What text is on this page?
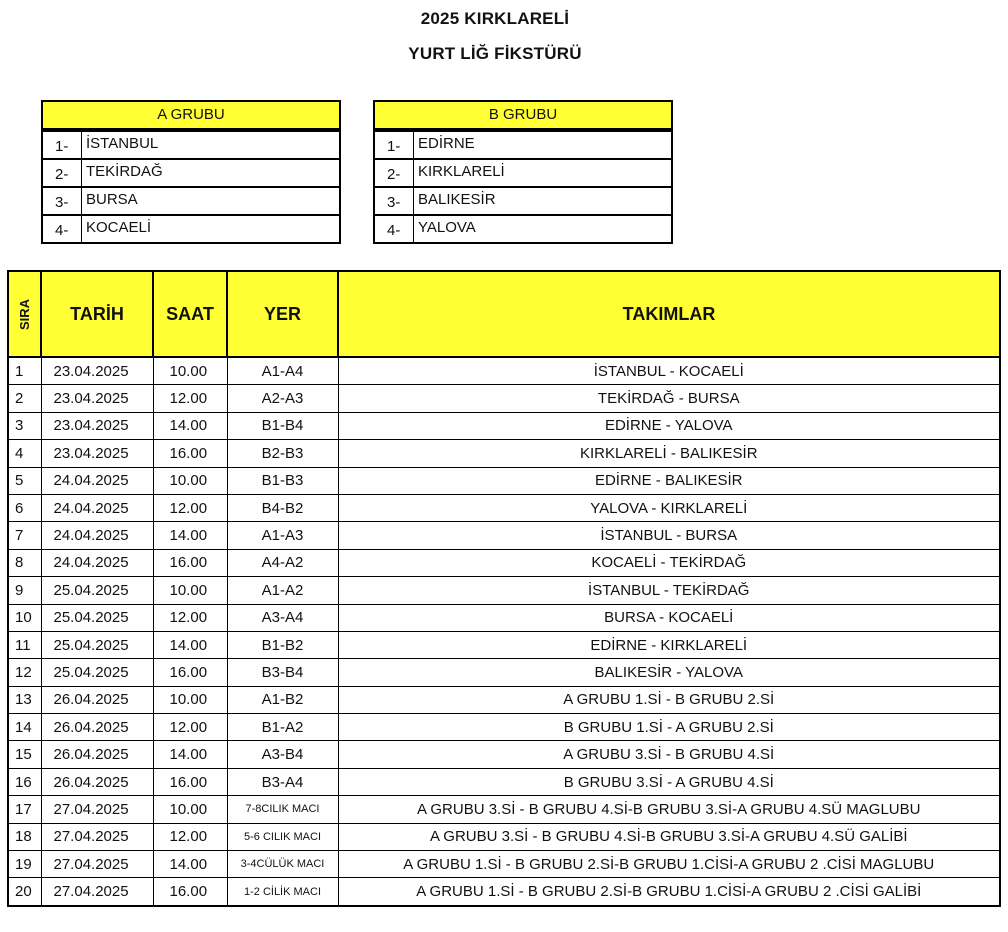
2025 KIRKLARELİ
YURT LİĞ FİKSTÜRÜ
A GRUBU
1-	İSTANBUL
2-	TEKİRDAĞ
3-	BURSA
4-	KOCAELİ
B GRUBU
1-	EDİRNE
2-	KIRKLARELİ
3-	BALIKESİR
4-	YALOVA
SIRA	TARİH	SAAT	YER	TAKIMLAR
1	23.04.2025	10.00	A1-A4	İSTANBUL - KOCAELİ
2	23.04.2025	12.00	A2-A3	TEKİRDAĞ - BURSA
3	23.04.2025	14.00	B1-B4	EDİRNE - YALOVA
4	23.04.2025	16.00	B2-B3	KIRKLARELİ - BALIKESİR
5	24.04.2025	10.00	B1-B3	EDİRNE - BALIKESİR
6	24.04.2025	12.00	B4-B2	YALOVA - KIRKLARELİ
7	24.04.2025	14.00	A1-A3	İSTANBUL - BURSA
8	24.04.2025	16.00	A4-A2	KOCAELİ - TEKİRDAĞ
9	25.04.2025	10.00	A1-A2	İSTANBUL - TEKİRDAĞ
10	25.04.2025	12.00	A3-A4	BURSA - KOCAELİ
11	25.04.2025	14.00	B1-B2	EDİRNE - KIRKLARELİ
12	25.04.2025	16.00	B3-B4	BALIKESİR - YALOVA
13	26.04.2025	10.00	A1-B2	A GRUBU 1.Sİ - B GRUBU 2.Sİ
14	26.04.2025	12.00	B1-A2	B GRUBU 1.Sİ - A GRUBU 2.Sİ
15	26.04.2025	14.00	A3-B4	A GRUBU 3.Sİ - B GRUBU 4.Sİ
16	26.04.2025	16.00	B3-A4	B GRUBU 3.Sİ - A GRUBU 4.Sİ
17	27.04.2025	10.00	7-8CILIK MACI	A GRUBU 3.Sİ - B GRUBU 4.Sİ-B GRUBU 3.Sİ-A GRUBU 4.SÜ MAGLUBU
18	27.04.2025	12.00	5-6 CILIK MACI	A GRUBU 3.Sİ - B GRUBU 4.Sİ-B GRUBU 3.Sİ-A GRUBU 4.SÜ GALİBİ
19	27.04.2025	14.00	3-4CÜLÜK MACI	A GRUBU 1.Sİ - B GRUBU 2.Sİ-B GRUBU 1.CİSİ-A GRUBU 2 .CİSİ MAGLUBU
20	27.04.2025	16.00	1-2 CİLİK MACI	A GRUBU 1.Sİ - B GRUBU 2.Sİ-B GRUBU 1.CİSİ-A GRUBU 2 .CİSİ GALİBİ
